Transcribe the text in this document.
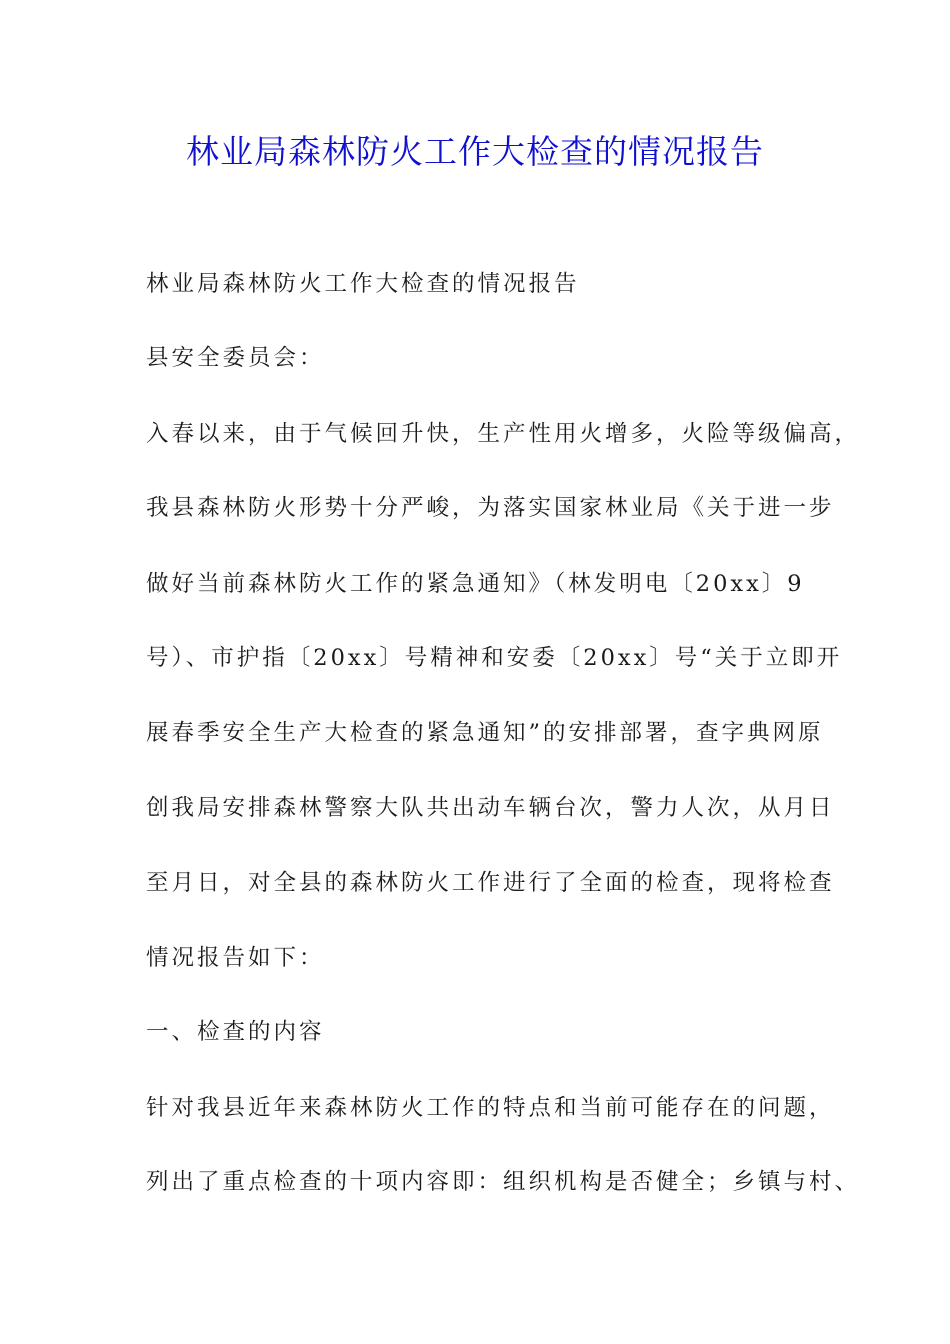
林业局森林防火工作大检查的情况报告

林业局森林防火工作大检查的情况报告

县安全委员会：

入春以来，由于气候回升快，生产性用火增多，火险等级偏高，

我县森林防火形势十分严峻，为落实国家林业局《关于进一步

做好当前森林防火工作的紧急通知》（林发明电〔20xx〕9

号）、市护指〔20xx〕号精神和安委〔20xx〕号“关于立即开

展春季安全生产大检查的紧急通知”的安排部署，查字典网原

创我局安排森林警察大队共出动车辆台次，警力人次，从月日

至月日，对全县的森林防火工作进行了全面的检查，现将检查

情况报告如下：

一、检查的内容

针对我县近年来森林防火工作的特点和当前可能存在的问题，

列出了重点检查的十项内容即：组织机构是否健全；乡镇与村、
